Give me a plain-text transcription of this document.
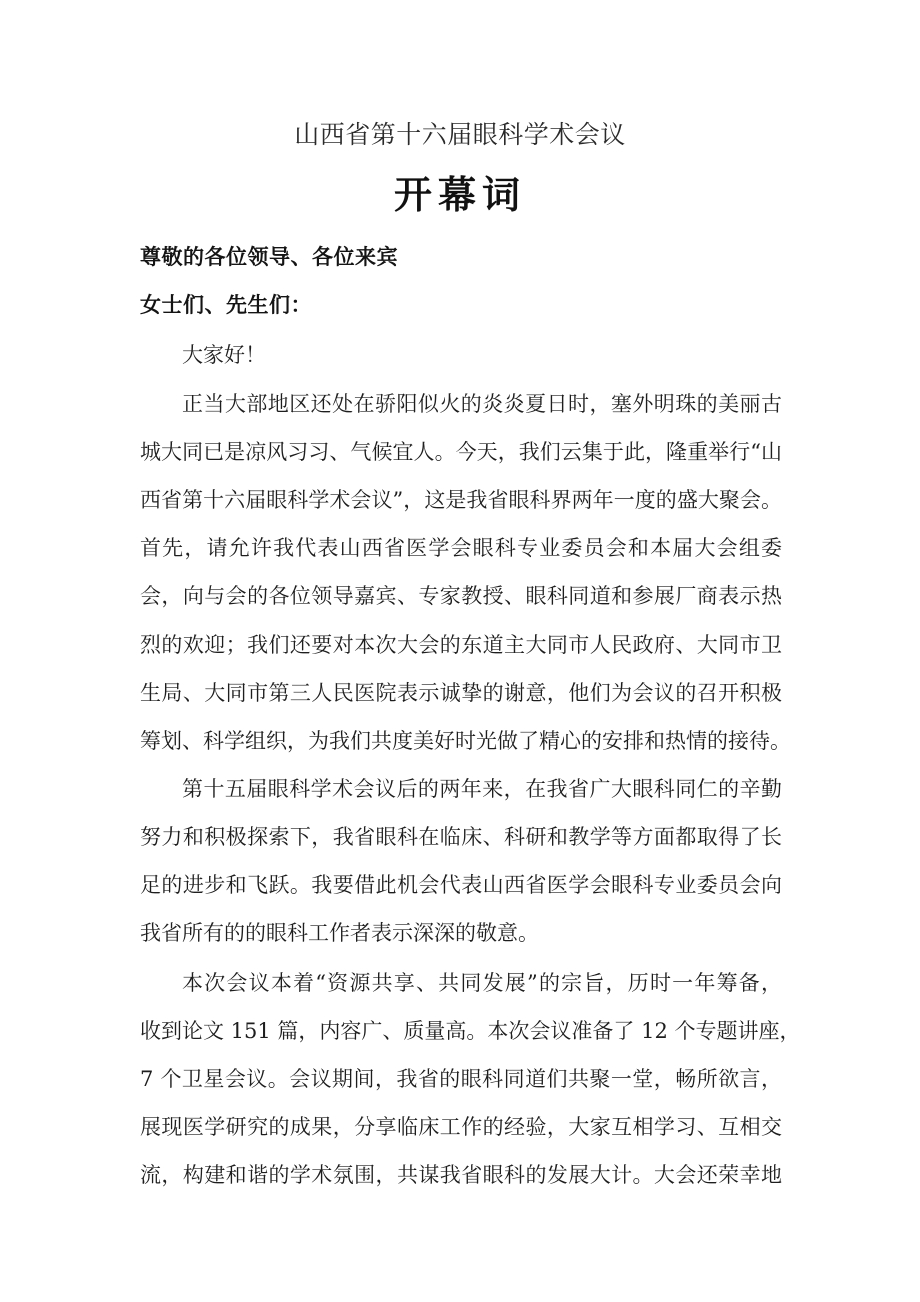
山西省第十六届眼科学术会议
开幕词
尊敬的各位领导、各位来宾
女士们、先生们：
大家好！
正当大部地区还处在骄阳似火的炎炎夏日时，塞外明珠的美丽古
城大同已是凉风习习、气候宜人。今天，我们云集于此，隆重举行“山
西省第十六届眼科学术会议”，这是我省眼科界两年一度的盛大聚会。
首先，请允许我代表山西省医学会眼科专业委员会和本届大会组委
会，向与会的各位领导嘉宾、专家教授、眼科同道和参展厂商表示热
烈的欢迎；我们还要对本次大会的东道主大同市人民政府、大同市卫
生局、大同市第三人民医院表示诚挚的谢意，他们为会议的召开积极
筹划、科学组织，为我们共度美好时光做了精心的安排和热情的接待。
第十五届眼科学术会议后的两年来，在我省广大眼科同仁的辛勤
努力和积极探索下，我省眼科在临床、科研和教学等方面都取得了长
足的进步和飞跃。我要借此机会代表山西省医学会眼科专业委员会向
我省所有的的眼科工作者表示深深的敬意。
本次会议本着“资源共享、共同发展”的宗旨，历时一年筹备，
收到论文 151 篇，内容广、质量高。本次会议准备了 12 个专题讲座，
7 个卫星会议。会议期间，我省的眼科同道们共聚一堂，畅所欲言，
展现医学研究的成果，分享临床工作的经验，大家互相学习、互相交
流，构建和谐的学术氛围，共谋我省眼科的发展大计。大会还荣幸地
